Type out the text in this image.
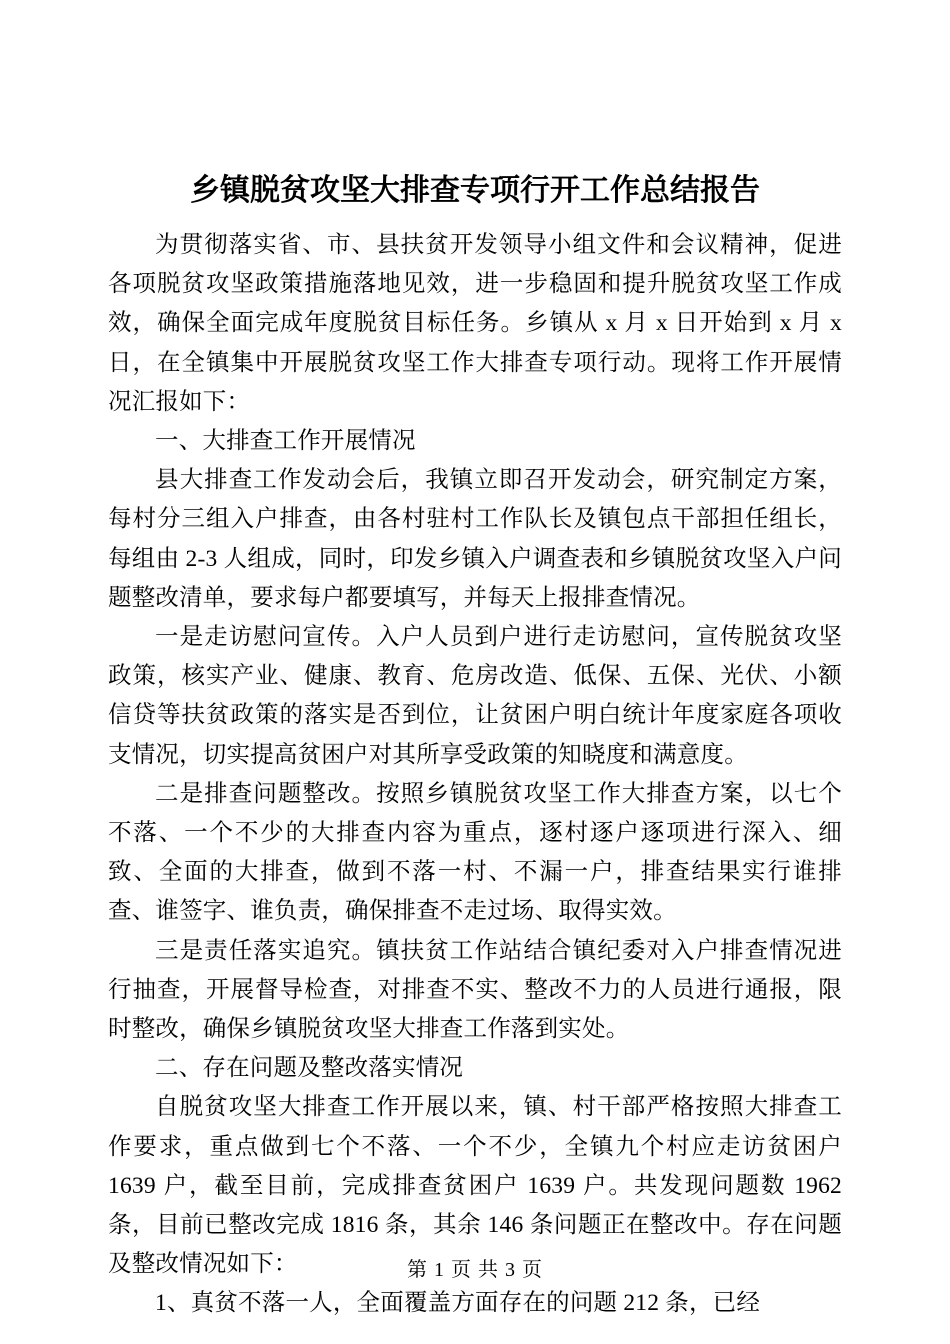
乡镇脱贫攻坚大排查专项行开工作总结报告

为贯彻落实省、市、县扶贫开发领导小组文件和会议精神，促进各项脱贫攻坚政策措施落地见效，进一步稳固和提升脱贫攻坚工作成效，确保全面完成年度脱贫目标任务。乡镇从 x 月 x 日开始到 x 月 x 日，在全镇集中开展脱贫攻坚工作大排查专项行动。现将工作开展情况汇报如下：

一、大排查工作开展情况

县大排查工作发动会后，我镇立即召开发动会，研究制定方案，每村分三组入户排查，由各村驻村工作队长及镇包点干部担任组长，每组由 2-3 人组成，同时，印发乡镇入户调查表和乡镇脱贫攻坚入户问题整改清单，要求每户都要填写，并每天上报排查情况。

一是走访慰问宣传。入户人员到户进行走访慰问，宣传脱贫攻坚政策，核实产业、健康、教育、危房改造、低保、五保、光伏、小额信贷等扶贫政策的落实是否到位，让贫困户明白统计年度家庭各项收支情况，切实提高贫困户对其所享受政策的知晓度和满意度。

二是排查问题整改。按照乡镇脱贫攻坚工作大排查方案，以七个不落、一个不少的大排查内容为重点，逐村逐户逐项进行深入、细致、全面的大排查，做到不落一村、不漏一户，排查结果实行谁排查、谁签字、谁负责，确保排查不走过场、取得实效。

三是责任落实追究。镇扶贫工作站结合镇纪委对入户排查情况进行抽查，开展督导检查，对排查不实、整改不力的人员进行通报，限时整改，确保乡镇脱贫攻坚大排查工作落到实处。

二、存在问题及整改落实情况

自脱贫攻坚大排查工作开展以来，镇、村干部严格按照大排查工作要求，重点做到七个不落、一个不少，全镇九个村应走访贫困户 1639 户，截至目前，完成排查贫困户 1639 户。共发现问题数 1962 条，目前已整改完成 1816 条，其余 146 条问题正在整改中。存在问题及整改情况如下：

1、真贫不落一人，全面覆盖方面存在的问题 212 条，已经

第 1 页 共 3 页
